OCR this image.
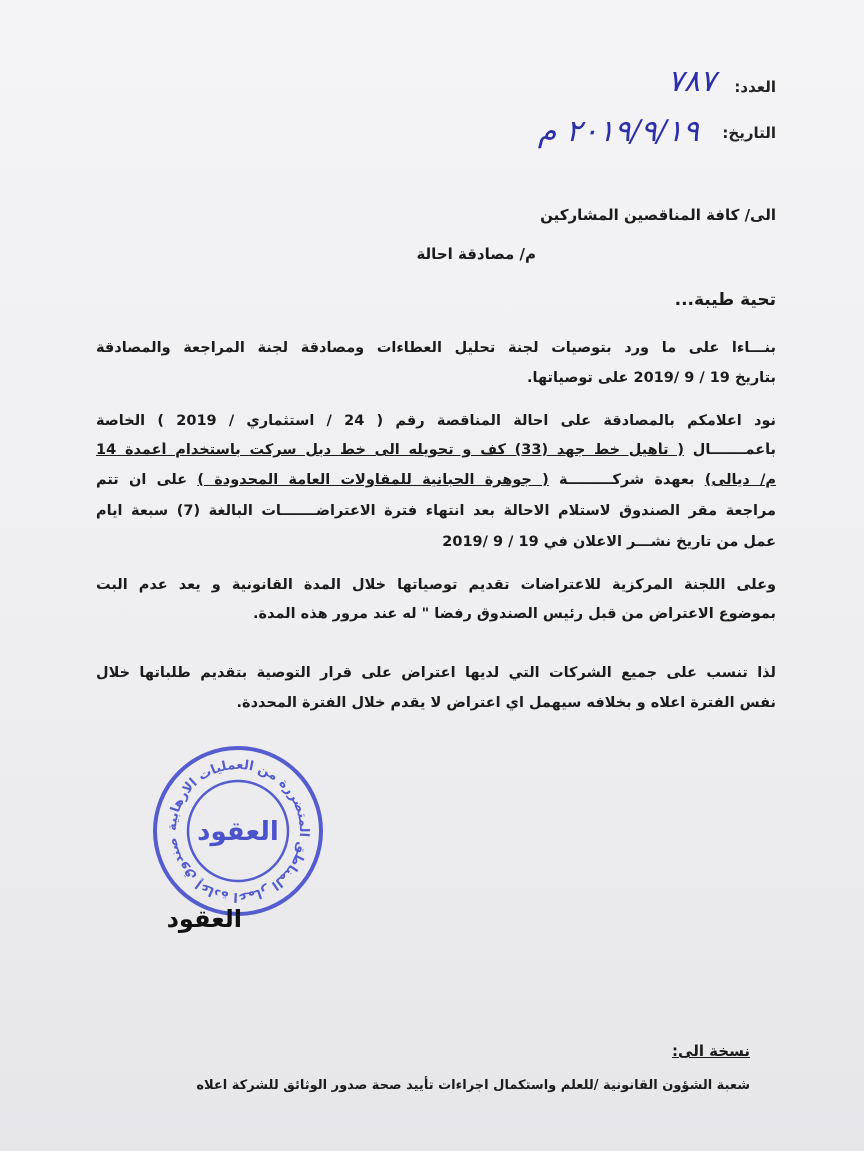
العدد:
٧٨٧
التاريخ:
٢٠١٩/٩/١٩ م
الى/ كافة المناقصين المشاركين
م/ مصادقة احالة
تحية طيبة...
بنـــاءاً على ما ورد بتوصيات لجنة تحليل العطاءات ومصادقة لجنة المراجعة والمصادقة
بتاريخ 19 / 9 /2019 على توصياتها.
نود اعلامكم بالمصادقة على احالة المناقصة رقم ( 24 / استثماري / 2019 ) الخاصة
بأعمـــــــال ( تأهيل خط جهد (33) كف و تحويله الى خط دبل سركت باستخدام أعمدة 14
م/ ديالى) بعهدة شركـــــــــة ( جوهرة الحبانية للمقاولات العامة المحدودة ) على ان تتم
مراجعة مقر الصندوق لاستلام الاحالة بعد انتهاء فترة الاعتراضـــــــات البالغة (7) سبعة ايام
عمل من تاريخ نشـــر الاعلان في 19 / 9 /2019
وعلى اللجنة المركزية للاعتراضات تقديم توصياتها خلال المدة القانونية و يعد عدم البت
بموضوع الاعتراض من قبل رئيس الصندوق رفضا " له عند مرور هذه المدة.
لذا تنسب على جميع الشركات التي لديها اعتراض على قرار التوصية بتقديم طلباتها خلال
نفس الفترة اعلاه و بخلافه سيهمل اي اعتراض لا يقدم خلال الفترة المحددة.
صندوق إعادة اعمار المناطق المتضررة من العمليات الارهابية العقود
العقود
نسخة الى:
شعبة الشؤون القانونية /للعلم واستكمال اجراءات تأييد صحة صدور الوثائق للشركة اعلاه
